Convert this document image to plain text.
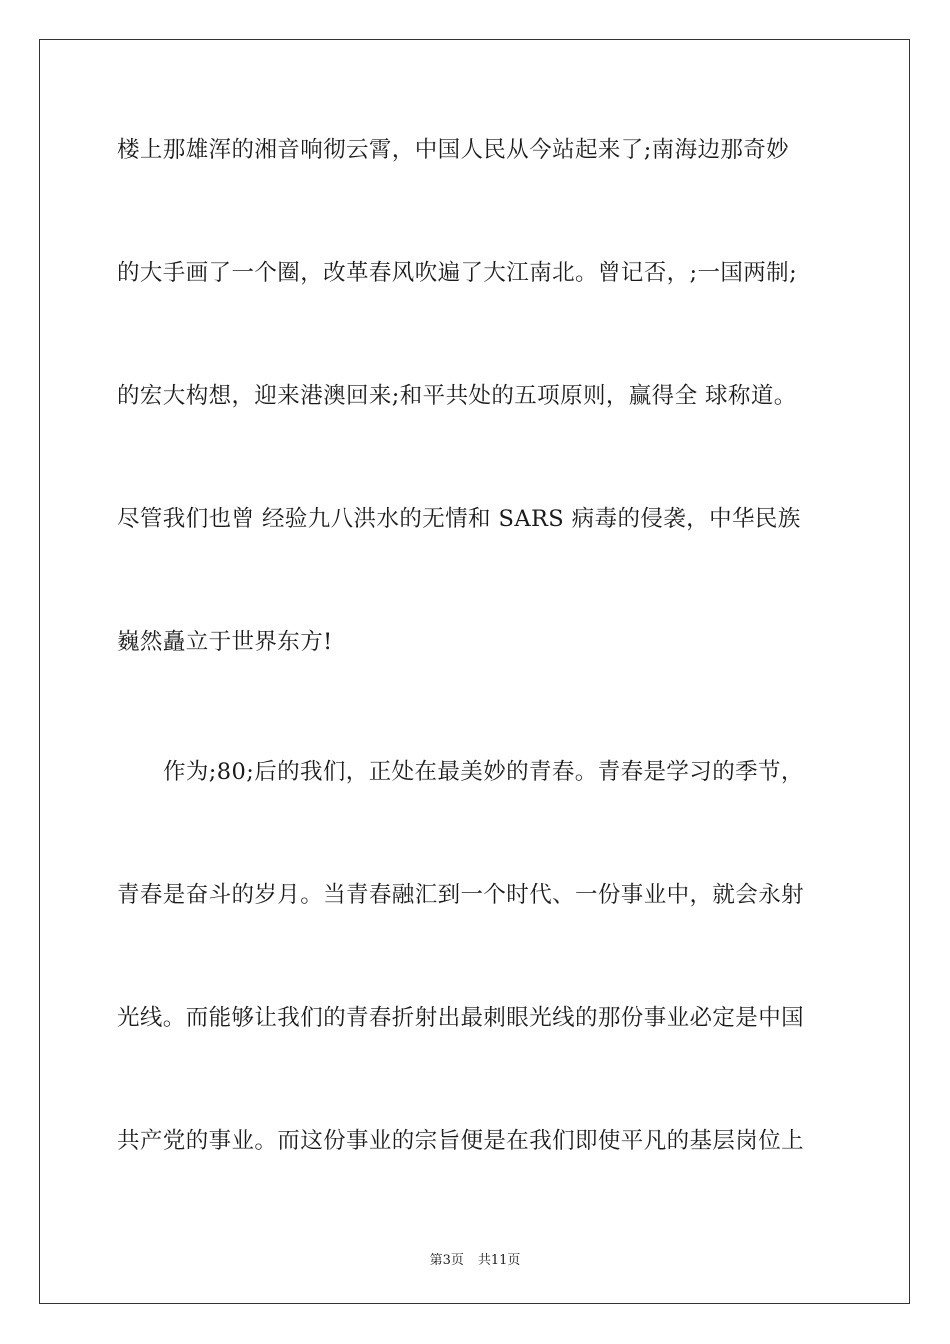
楼上那雄浑的湘音响彻云霄，中国人民从今站起来了;南海边那奇妙
的大手画了一个圈，改革春风吹遍了大江南北。曾记否，;一国两制;
的宏大构想，迎来港澳回来;和平共处的五项原则，赢得全 球称道。
尽管我们也曾 经验九八洪水的无情和 SARS 病毒的侵袭，中华民族
巍然矗立于世界东方!
作为;80;后的我们，正处在最美妙的青春。青春是学习的季节，
青春是奋斗的岁月。当青春融汇到一个时代、一份事业中，就会永射
光线。而能够让我们的青春折射出最刺眼光线的那份事业必定是中国
共产党的事业。而这份事业的宗旨便是在我们即使平凡的基层岗位上
第3页 共11页
